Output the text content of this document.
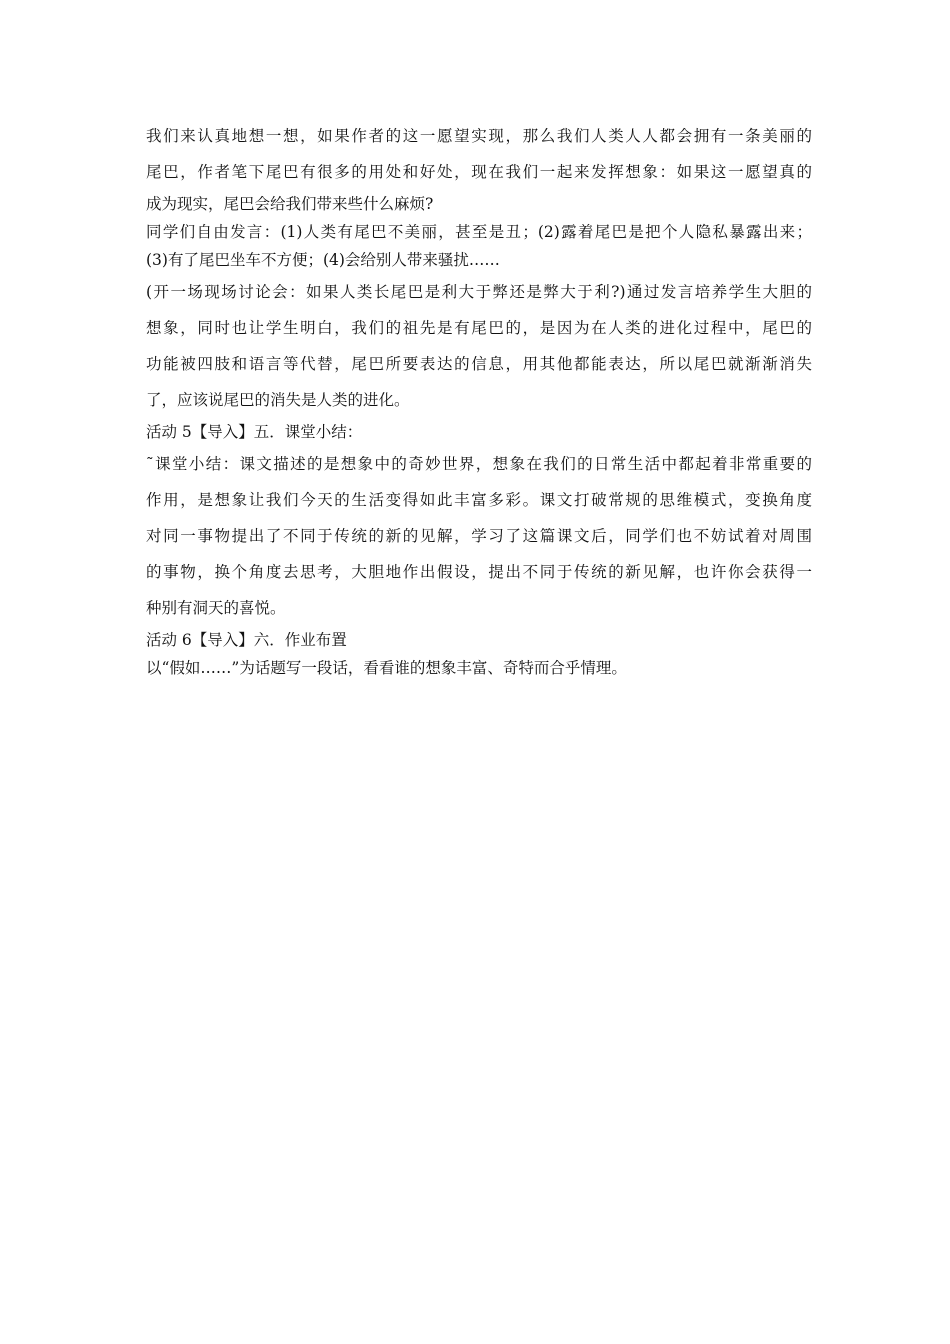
我们来认真地想一想，如果作者的这一愿望实现，那么我们人类人人都会拥有一条美丽的

尾巴，作者笔下尾巴有很多的用处和好处，现在我们一起来发挥想象：如果这一愿望真的

成为现实，尾巴会给我们带来些什么麻烦?

同学们自由发言：(1)人类有尾巴不美丽，甚至是丑；(2)露着尾巴是把个人隐私暴露出来；

(3)有了尾巴坐车不方便；(4)会给别人带来骚扰……

(开一场现场讨论会：如果人类长尾巴是利大于弊还是弊大于利?)通过发言培养学生大胆的

想象，同时也让学生明白，我们的祖先是有尾巴的，是因为在人类的进化过程中，尾巴的

功能被四肢和语言等代替，尾巴所要表达的信息，用其他都能表达，所以尾巴就渐渐消失

了，应该说尾巴的消失是人类的进化。

活动 5【导入】五．课堂小结：

˜课堂小结：课文描述的是想象中的奇妙世界，想象在我们的日常生活中都起着非常重要的

作用，是想象让我们今天的生活变得如此丰富多彩。课文打破常规的思维模式，变换角度

对同一事物提出了不同于传统的新的见解，学习了这篇课文后，同学们也不妨试着对周围

的事物，换个角度去思考，大胆地作出假设，提出不同于传统的新见解，也许你会获得一

种别有洞天的喜悦。

活动 6【导入】六．作业布置

以“假如……”为话题写一段话，看看谁的想象丰富、奇特而合乎情理。
